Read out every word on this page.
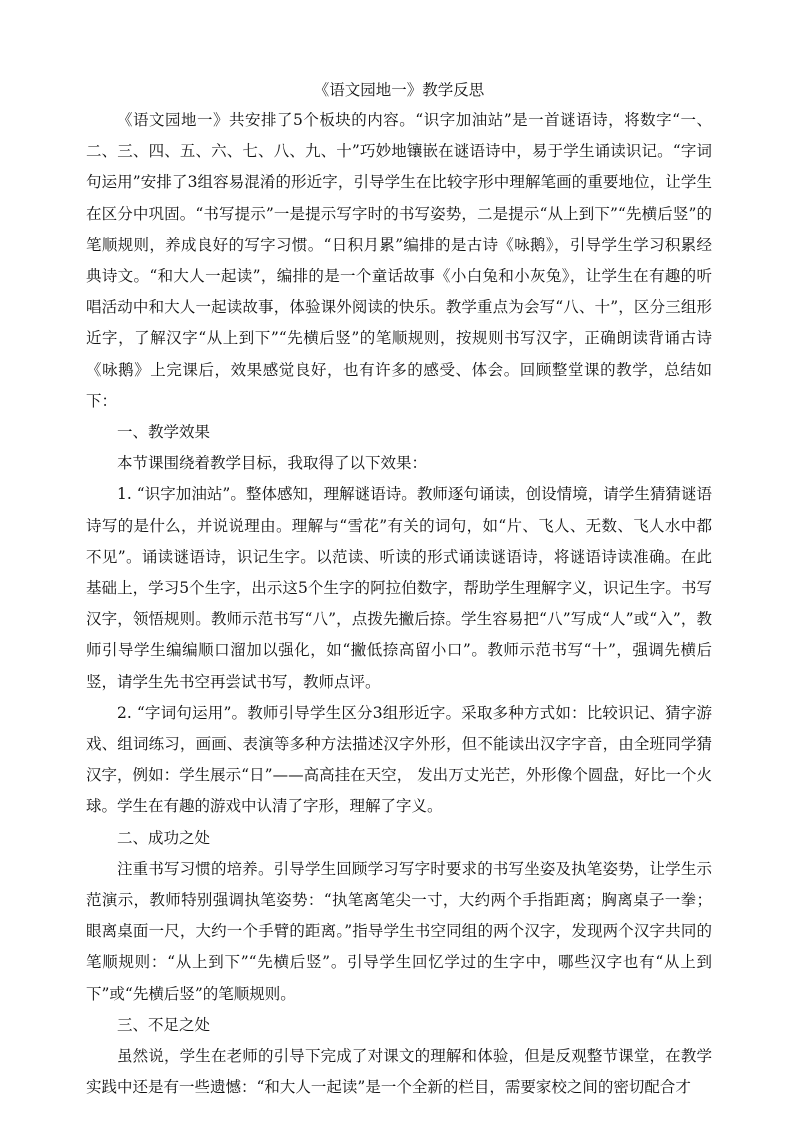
《语文园地一》教学反思

《语文园地一》共安排了5个板块的内容。“识字加油站”是一首谜语诗，将数字“一、二、三、四、五、六、七、八、九、十”巧妙地镶嵌在谜语诗中，易于学生诵读识记。“字词句运用”安排了3组容易混淆的形近字，引导学生在比较字形中理解笔画的重要地位，让学生在区分中巩固。“书写提示”一是提示写字时的书写姿势，二是提示“从上到下”“先横后竖”的笔顺规则，养成良好的写字习惯。“日积月累”编排的是古诗《咏鹅》，引导学生学习积累经典诗文。“和大人一起读”，编排的是一个童话故事《小白兔和小灰兔》，让学生在有趣的听唱活动中和大人一起读故事，体验课外阅读的快乐。教学重点为会写“八、十”，区分三组形近字，了解汉字“从上到下”“先横后竖”的笔顺规则，按规则书写汉字，正确朗读背诵古诗《咏鹅》上完课后，效果感觉良好，也有许多的感受、体会。回顾整堂课的教学，总结如下：

一、教学效果

本节课围绕着教学目标，我取得了以下效果：

1. “识字加油站”。整体感知，理解谜语诗。教师逐句诵读，创设情境，请学生猜猜谜语诗写的是什么，并说说理由。理解与“雪花”有关的词句，如“片、飞人、无数、飞人水中都不见”。诵读谜语诗，识记生字。以范读、听读的形式诵读谜语诗，将谜语诗读准确。在此基础上，学习5个生字，出示这5个生字的阿拉伯数字，帮助学生理解字义，识记生字。书写汉字，领悟规则。教师示范书写“八”，点拨先撇后捺。学生容易把“八”写成“人”或“入”，教师引导学生编编顺口溜加以强化，如“撇低捺高留小口”。教师示范书写“十”，强调先横后竖，请学生先书空再尝试书写，教师点评。

2. “字词句运用”。教师引导学生区分3组形近字。采取多种方式如：比较识记、猜字游戏、组词练习，画画、表演等多种方法描述汉字外形，但不能读出汉字字音，由全班同学猜汉字，例如：学生展示“日”——高高挂在天空， 发出万丈光芒，外形像个圆盘，好比一个火球。学生在有趣的游戏中认清了字形，理解了字义。

二、成功之处

注重书写习惯的培养。引导学生回顾学习写字时要求的书写坐姿及执笔姿势，让学生示范演示，教师特别强调执笔姿势：“执笔离笔尖一寸，大约两个手指距离；胸离桌子一拳；眼离桌面一尺，大约一个手臂的距离。”指导学生书空同组的两个汉字，发现两个汉字共同的笔顺规则：“从上到下”“先横后竖”。引导学生回忆学过的生字中，哪些汉字也有“从上到下”或“先横后竖”的笔顺规则。

三、不足之处

虽然说，学生在老师的引导下完成了对课文的理解和体验，但是反观整节课堂，在教学实践中还是有一些遗憾：“和大人一起读”是一个全新的栏目，需要家校之间的密切配合才
